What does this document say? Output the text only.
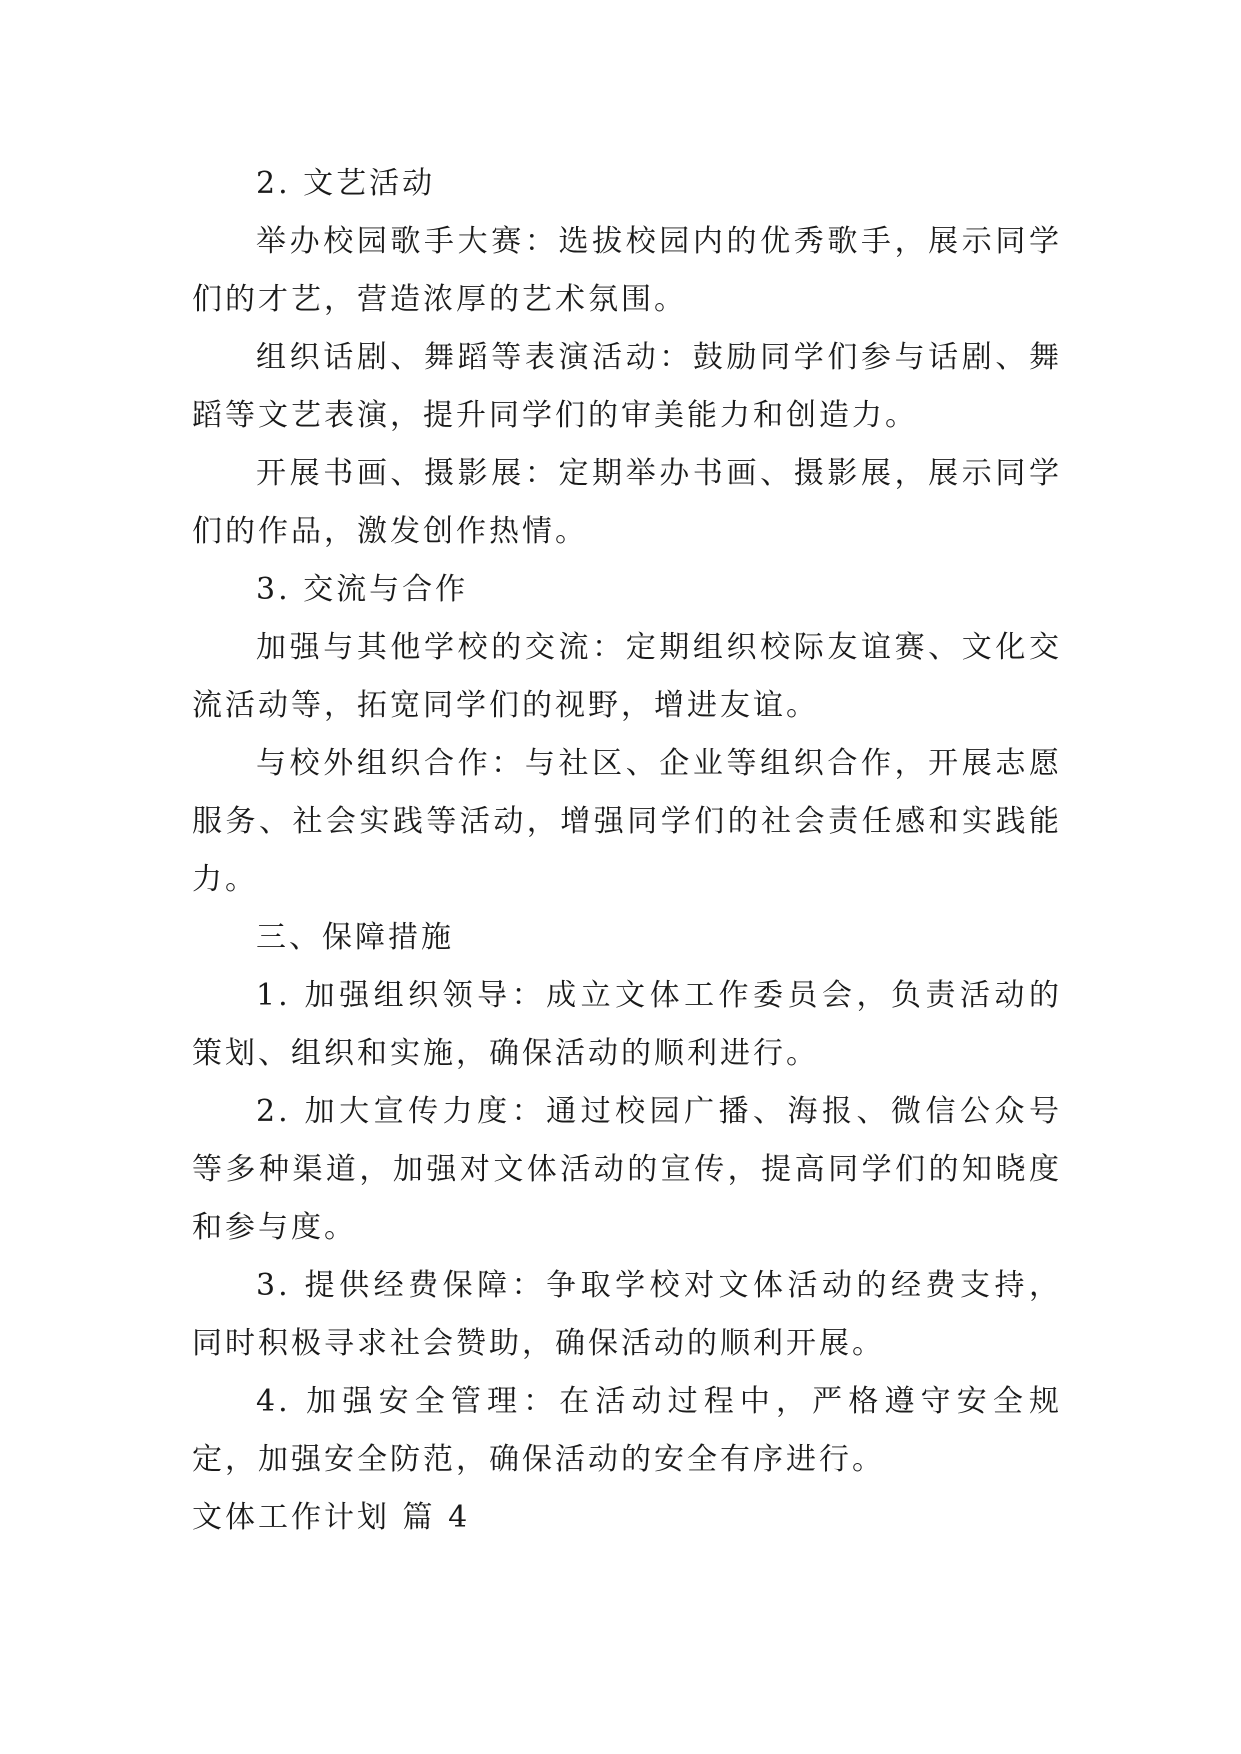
2. 文艺活动

举办校园歌手大赛：选拔校园内的优秀歌手，展示同学们的才艺，营造浓厚的艺术氛围。

组织话剧、舞蹈等表演活动：鼓励同学们参与话剧、舞蹈等文艺表演，提升同学们的审美能力和创造力。

开展书画、摄影展：定期举办书画、摄影展，展示同学们的作品，激发创作热情。

3. 交流与合作

加强与其他学校的交流：定期组织校际友谊赛、文化交流活动等，拓宽同学们的视野，增进友谊。

与校外组织合作：与社区、企业等组织合作，开展志愿服务、社会实践等活动，增强同学们的社会责任感和实践能力。

三、保障措施

1. 加强组织领导：成立文体工作委员会，负责活动的策划、组织和实施，确保活动的顺利进行。

2. 加大宣传力度：通过校园广播、海报、微信公众号等多种渠道，加强对文体活动的宣传，提高同学们的知晓度和参与度。

3. 提供经费保障：争取学校对文体活动的经费支持，同时积极寻求社会赞助，确保活动的顺利开展。

4. 加强安全管理：在活动过程中，严格遵守安全规定，加强安全防范，确保活动的安全有序进行。

文体工作计划 篇 4
